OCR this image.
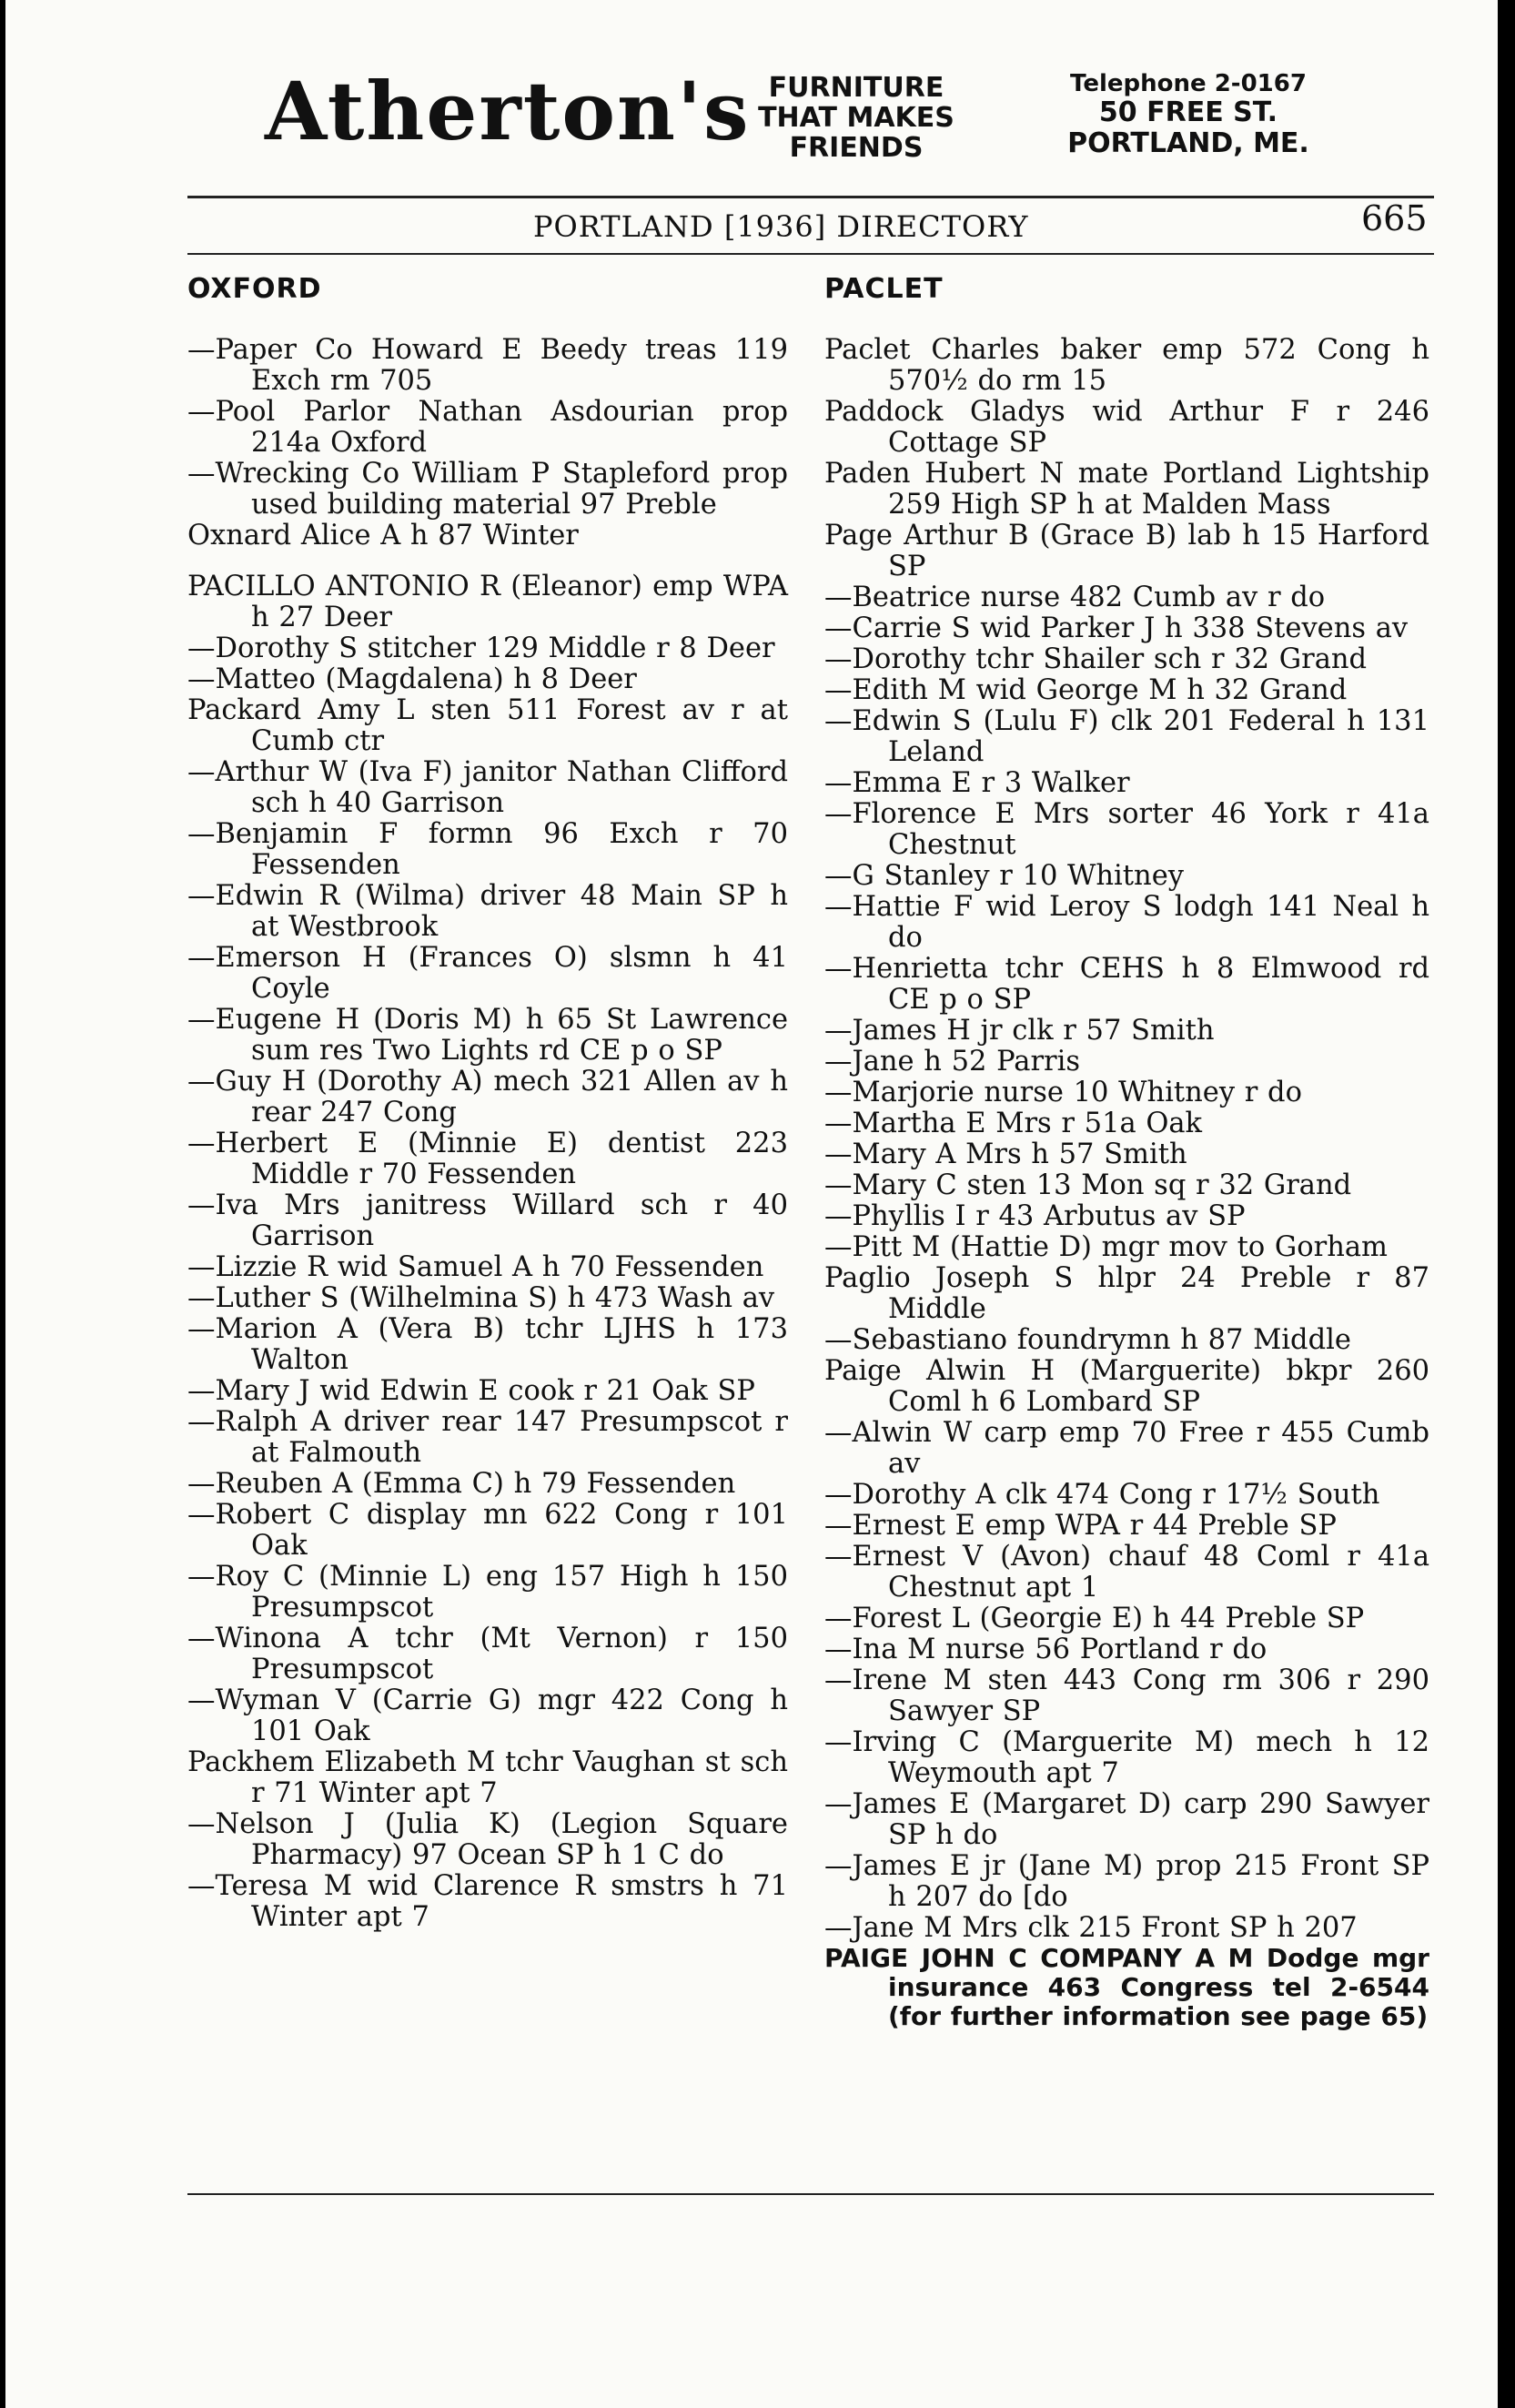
Atherton's FURNITURE
THAT MAKES
FRIENDS
Telephone 2-0167
50 FREE ST.
PORTLAND, ME.
PORTLAND [1936] DIRECTORY	665
OXFORD
—Paper Co Howard E Beedy treas 119 Exch rm 705
—Pool Parlor Nathan Asdourian prop 214a Oxford
—Wrecking Co William P Stapleford prop used building material 97 Preble
Oxnard Alice A h 87 Winter
PACILLO ANTONIO R (Eleanor) emp WPA h 27 Deer
—Dorothy S stitcher 129 Middle r 8 Deer
—Matteo (Magdalena) h 8 Deer
Packard Amy L sten 511 Forest av r at Cumb ctr
—Arthur W (Iva F) janitor Nathan Clifford sch h 40 Garrison
—Benjamin F formn 96 Exch r 70 Fessenden
—Edwin R (Wilma) driver 48 Main SP h at Westbrook
—Emerson H (Frances O) slsmn h 41 Coyle
—Eugene H (Doris M) h 65 St Lawrence sum res Two Lights rd CE p o SP
—Guy H (Dorothy A) mech 321 Allen av h rear 247 Cong
—Herbert E (Minnie E) dentist 223 Middle r 70 Fessenden
—Iva Mrs janitress Willard sch r 40 Garrison
—Lizzie R wid Samuel A h 70 Fessenden
—Luther S (Wilhelmina S) h 473 Wash av
—Marion A (Vera B) tchr LJHS h 173 Walton
—Mary J wid Edwin E cook r 21 Oak SP
—Ralph A driver rear 147 Presumpscot r at Falmouth
—Reuben A (Emma C) h 79 Fessenden
—Robert C display mn 622 Cong r 101 Oak
—Roy C (Minnie L) eng 157 High h 150 Presumpscot
—Winona A tchr (Mt Vernon) r 150 Presumpscot
—Wyman V (Carrie G) mgr 422 Cong h 101 Oak
Packhem Elizabeth M tchr Vaughan st sch r 71 Winter apt 7
—Nelson J (Julia K) (Legion Square Pharmacy) 97 Ocean SP h 1 C do
—Teresa M wid Clarence R smstrs h 71 Winter apt 7
PACLET
Paclet Charles baker emp 572 Cong h 570½ do rm 15
Paddock Gladys wid Arthur F r 246 Cottage SP
Paden Hubert N mate Portland Lightship 259 High SP h at Malden Mass
Page Arthur B (Grace B) lab h 15 Harford SP
—Beatrice nurse 482 Cumb av r do
—Carrie S wid Parker J h 338 Stevens av
—Dorothy tchr Shailer sch r 32 Grand
—Edith M wid George M h 32 Grand
—Edwin S (Lulu F) clk 201 Federal h 131 Leland
—Emma E r 3 Walker
—Florence E Mrs sorter 46 York r 41a Chestnut
—G Stanley r 10 Whitney
—Hattie F wid Leroy S lodgh 141 Neal h do
—Henrietta tchr CEHS h 8 Elmwood rd CE p o SP
—James H jr clk r 57 Smith
—Jane h 52 Parris
—Marjorie nurse 10 Whitney r do
—Martha E Mrs r 51a Oak
—Mary A Mrs h 57 Smith
—Mary C sten 13 Mon sq r 32 Grand
—Phyllis I r 43 Arbutus av SP
—Pitt M (Hattie D) mgr mov to Gorham
Paglio Joseph S hlpr 24 Preble r 87 Middle
—Sebastiano foundrymn h 87 Middle
Paige Alwin H (Marguerite) bkpr 260 Coml h 6 Lombard SP
—Alwin W carp emp 70 Free r 455 Cumb av
—Dorothy A clk 474 Cong r 17½ South
—Ernest E emp WPA r 44 Preble SP
—Ernest V (Avon) chauf 48 Coml r 41a Chestnut apt 1
—Forest L (Georgie E) h 44 Preble SP
—Ina M nurse 56 Portland r do
—Irene M sten 443 Cong rm 306 r 290 Sawyer SP
—Irving C (Marguerite M) mech h 12 Weymouth apt 7
—James E (Margaret D) carp 290 Sawyer SP h do
—James E jr (Jane M) prop 215 Front SP h 207 do [do
—Jane M Mrs clk 215 Front SP h 207
PAIGE JOHN C COMPANY A M Dodge mgr insurance 463 Congress tel 2-6544 (for further information see page 65)
